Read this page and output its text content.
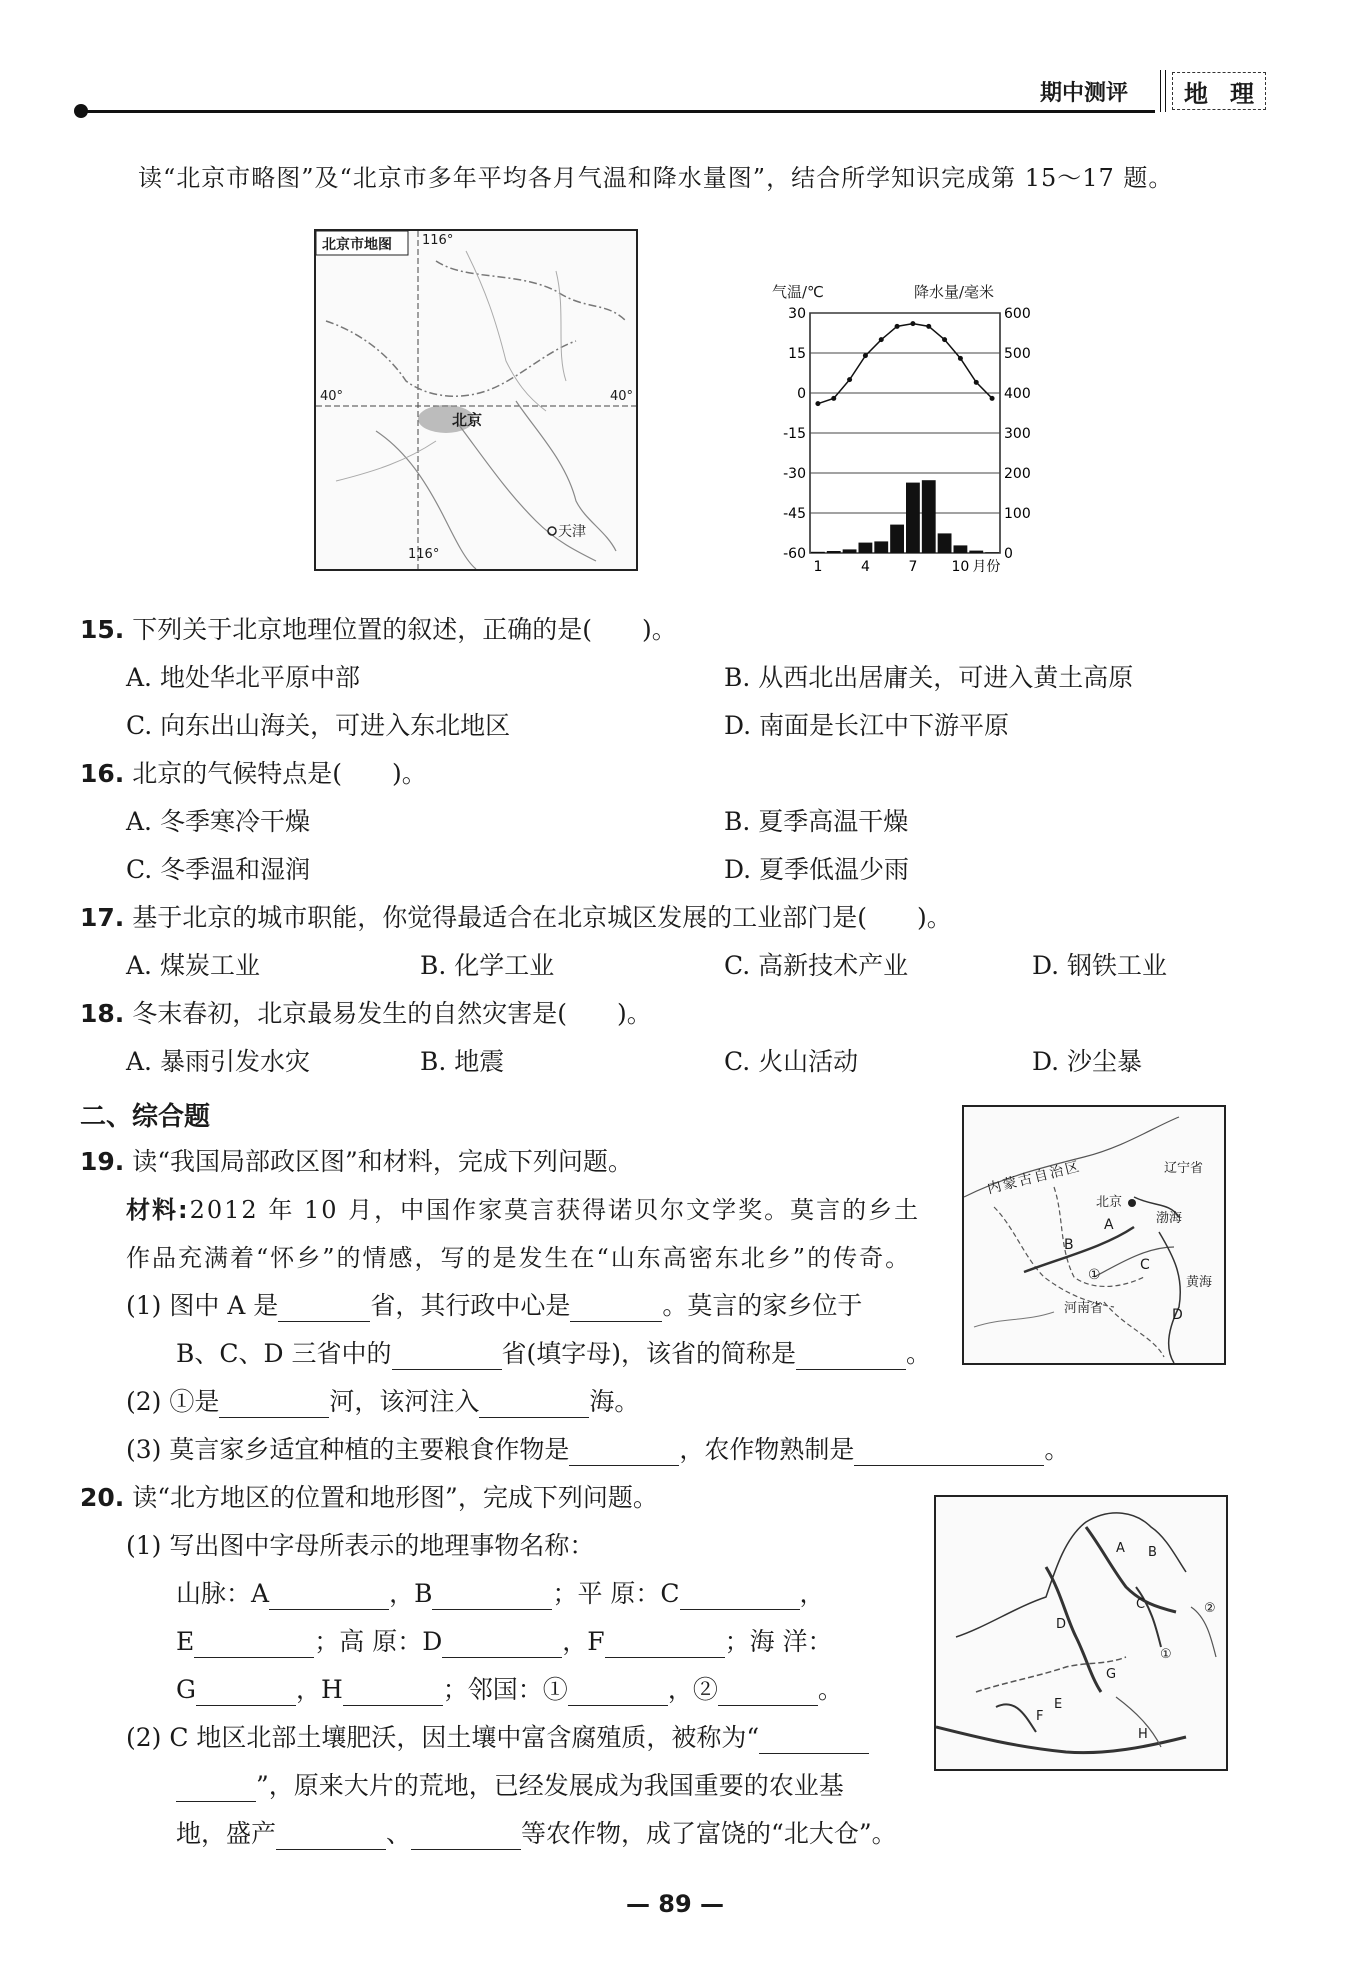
期中测评 地 理
读“北京市略图”及“北京市多年平均各月气温和降水量图”，结合所学知识完成第 15～17 题。
北京市地图 116°
116°
40°	40°
北京
天津
30
15
0
-15
-30
-45
-60
600
500
400
300
200
100
0
1	4	7 10 月份
气温/℃	降水量/毫米
15. 下列关于北京地理位置的叙述，正确的是(　　)。
A. 地处华北平原中部	B. 从西北出居庸关，可进入黄土高原
C. 向东出山海关，可进入东北地区	D. 南面是长江中下游平原
16. 北京的气候特点是(　　)。
A. 冬季寒冷干燥	B. 夏季高温干燥
C. 冬季温和湿润	D. 夏季低温少雨
17. 基于北京的城市职能，你觉得最适合在北京城区发展的工业部门是(　　)。
A. 煤炭工业	B. 化学工业	C. 高新技术产业	D. 钢铁工业
18. 冬末春初，北京最易发生的自然灾害是(　　)。
A. 暴雨引发水灾	B. 地震	C. 火山活动	D. 沙尘暴
二、综合题
内蒙古自治区	辽宁省
北京
渤海
黄海
河南省
A
B
C
D
①
19. 读“我国局部政区图”和材料，完成下列问题。
材料:2012 年 10 月，中国作家莫言获得诺贝尔文学奖。莫言的乡土
作品充满着“怀乡”的情感，写的是发生在“山东高密东北乡”的传奇。
(1) 图中 A 是	省，其行政中心是	。莫言的家乡位于
B、C、D 三省中的	省(填字母)，该省的简称是	。
(2) ①是	河，该河注入	海。
(3) 莫言家乡适宜种植的主要粮食作物是	，农作物熟制是	。
A B
C
D
E
F
G
H
①
②
20. 读“北方地区的位置和地形图”，完成下列问题。
(1) 写出图中字母所表示的地理事物名称：
山脉：A	，B	；平 原：C	，
E	；高 原：D	，F	；海 洋：
G	，H	；邻国：①	，②	。
(2) C 地区北部土壤肥沃，因土壤中富含腐殖质，被称为“
”，原来大片的荒地，已经发展成为我国重要的农业基
地，盛产	、	等农作物，成了富饶的“北大仓”。
— 89 —
